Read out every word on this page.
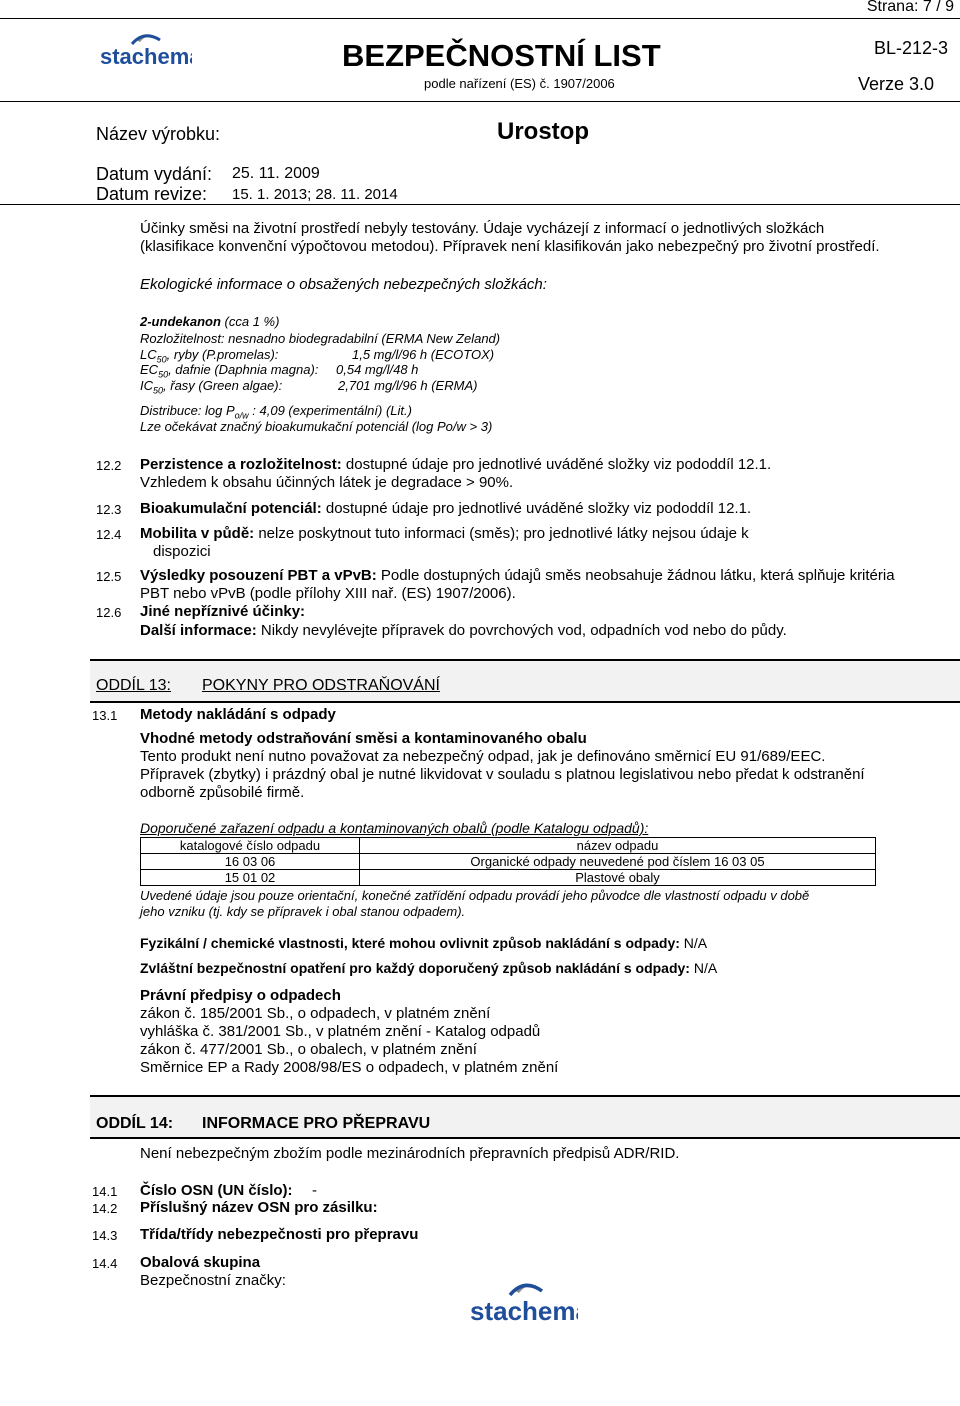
Strana: 7 / 9
stachema	BEZPEČNOSTNÍ LIST
podle nařízení (ES) č. 1907/2006
BL-212-3
Verze 3.0
Název výrobku:	Urostop
Datum vydání: 25. 11. 2009
Datum revize: 15. 1. 2013; 28. 11. 2014
Účinky směsi na životní prostředí nebyly testovány. Údaje vycházejí z informací o jednotlivých složkách
(klasifikace konvenční výpočtovou metodou). Přípravek není klasifikován jako nebezpečný pro životní prostředí.
Ekologické informace o obsažených nebezpečných složkách:
2-undekanon (cca 1 %)
Rozložitelnost: nesnadno biodegradabilní (ERMA New Zeland)
$LC_{50}$, ryby (P.promelas):	1,5 mg/l/96 h (ECOTOX)
$EC_{50}$, dafnie (Daphnia magna): 0,54 mg/l/48 h
$IC_{50}$, řasy (Green algae):	2,701 mg/l/96 h (ERMA)
Distribuce: $\log P_{o/w}$ : 4,09 (experimentální) (Lit.)
Lze očekávat značný bioakumukační potenciál (log Po/w > 3)
12.2 Perzistence a rozložitelnost: dostupné údaje pro jednotlivé uváděné složky viz pododdíl 12.1.
Vzhledem k obsahu účinných látek je degradace > 90%.
12.3 Bioakumulační potenciál: dostupné údaje pro jednotlivé uváděné složky viz pododdíl 12.1.
12.4 Mobilita v půdě: nelze poskytnout tuto informaci (směs); pro jednotlivé látky nejsou údaje k
dispozici
12.5 Výsledky posouzení PBT a vPvB: Podle dostupných údajů směs neobsahuje žádnou látku, která splňuje kritéria
PBT nebo vPvB (podle přílohy XIII nař. (ES) 1907/2006).
12.6 Jiné nepříznivé účinky:
Další informace: Nikdy nevylévejte přípravek do povrchových vod, odpadních vod nebo do půdy.
ODDÍL 13: POKYNY PRO ODSTRAŇOVÁNÍ
13.1 Metody nakládání s odpady
Vhodné metody odstraňování směsi a kontaminovaného obalu
Tento produkt není nutno považovat za nebezpečný odpad, jak je definováno směrnicí EU 91/689/EEC.
Přípravek (zbytky) i prázdný obal je nutné likvidovat v souladu s platnou legislativou nebo předat k odstranění
odborně způsobilé firmě.
Doporučené zařazení odpadu a kontaminovaných obalů (podle Katalogu odpadů):
katalogové číslo odpadu	název odpadu
16 03 06	Organické odpady neuvedené pod číslem 16 03 05
15 01 02	Plastové obaly
Uvedené údaje jsou pouze orientační, konečné zatřídění odpadu provádí jeho původce dle vlastností odpadu v době
jeho vzniku (tj. kdy se přípravek i obal stanou odpadem).
Fyzikální / chemické vlastnosti, které mohou ovlivnit způsob nakládání s odpady: N/A
Zvláštní bezpečnostní opatření pro každý doporučený způsob nakládání s odpady: N/A
Právní předpisy o odpadech
zákon č. 185/2001 Sb., o odpadech, v platném znění
vyhláška č. 381/2001 Sb., v platném znění - Katalog odpadů
zákon č. 477/2001 Sb., o obalech, v platném znění
Směrnice EP a Rady 2008/98/ES o odpadech, v platném znění
ODDÍL 14: INFORMACE PRO PŘEPRAVU
Není nebezpečným zbožím podle mezinárodních přepravních předpisů ADR/RID.
14.1 Číslo OSN (UN číslo): -
14.2 Příslušný název OSN pro zásilku:
14.3 Třída/třídy nebezpečnosti pro přepravu
14.4 Obalová skupina
Bezpečnostní značky:
stachema
